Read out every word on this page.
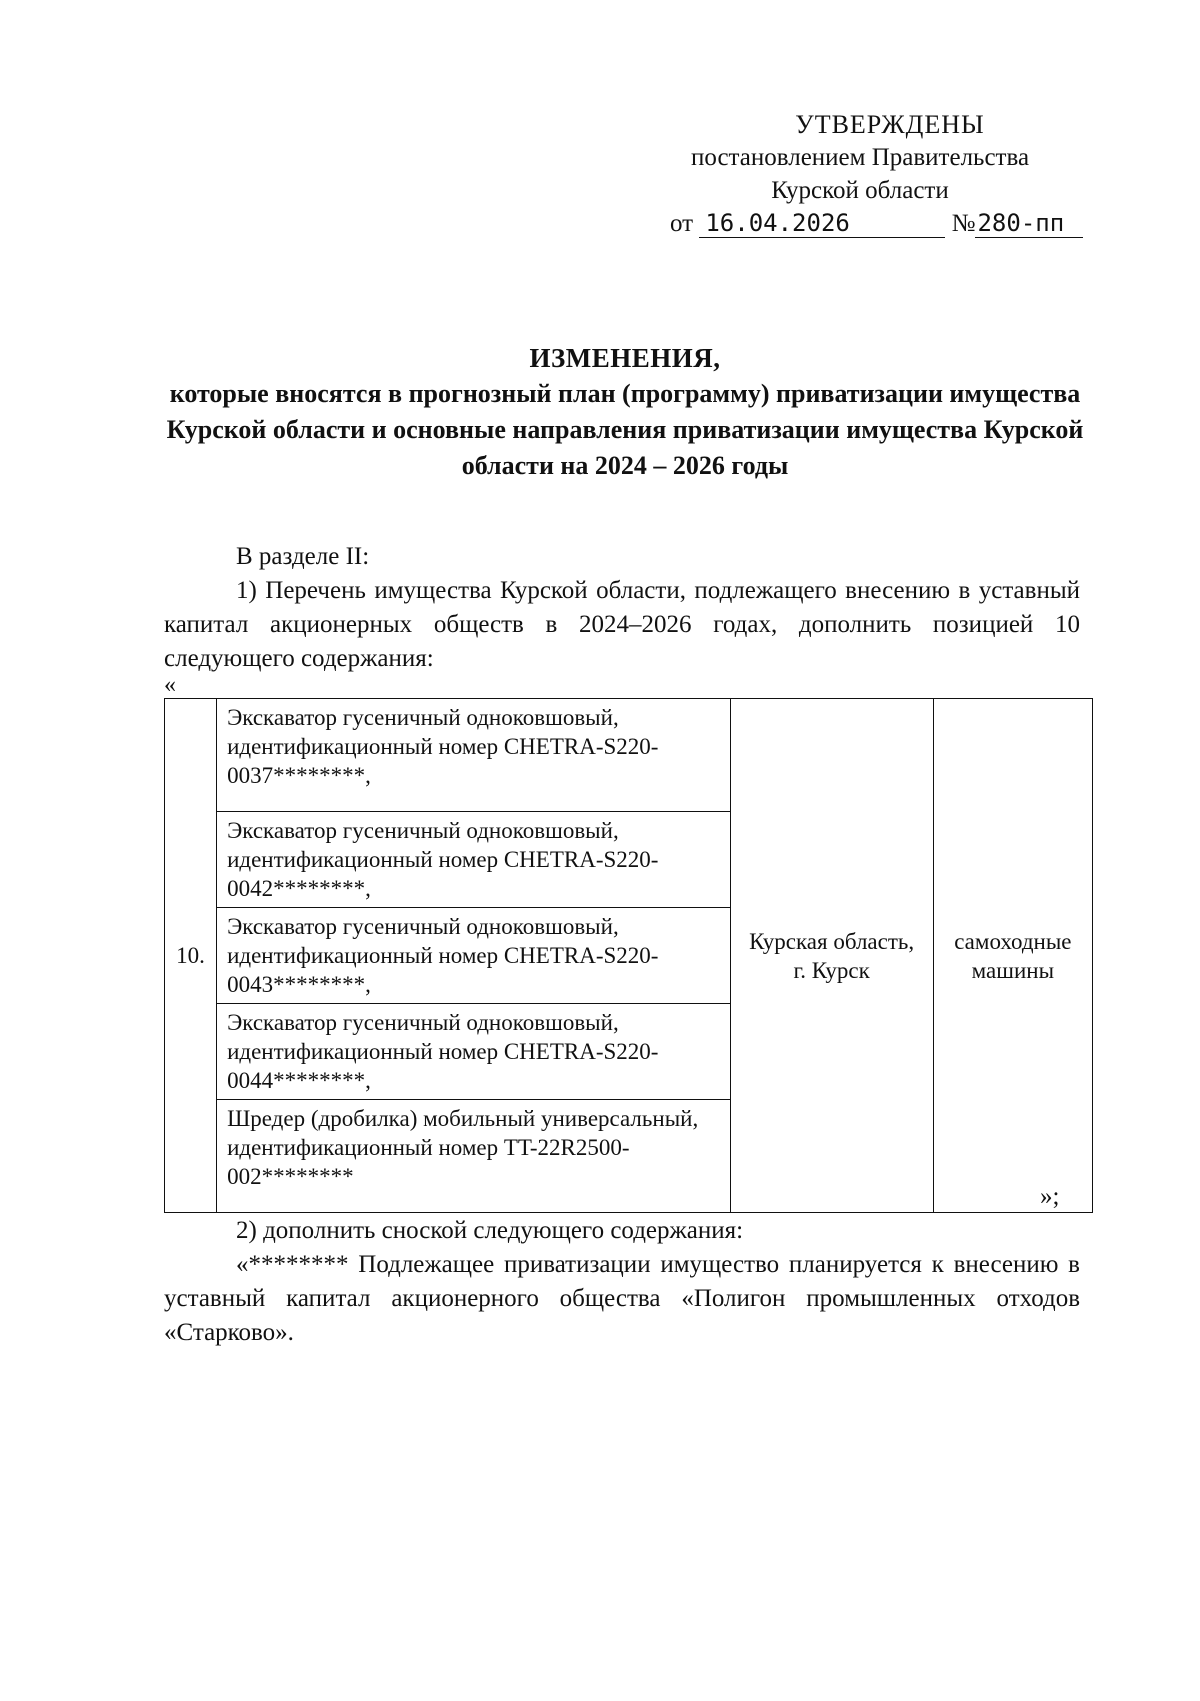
УТВЕРЖДЕНЫ
постановлением Правительства
Курской области
от 16.04.2026	№280-пп
ИЗМЕНЕНИЯ,
которые вносятся в прогнозный план (программу) приватизации имущества Курской области и основные направления приватизации имущества Курской области на 2024 – 2026 годы
В разделе II:
1) Перечень имущества Курской области, подлежащего внесению в уставный капитал акционерных обществ в 2024–2026 годах, дополнить позицией 10 следующего содержания:
«
10.	Экскаватор гусеничный одноковшовый, идентификационный номер CHETRA-S220-0037********,	Курская область, г. Курск	самоходные машины
Экскаватор гусеничный одноковшовый, идентификационный номер CHETRA-S220-0042********,
Экскаватор гусеничный одноковшовый, идентификационный номер CHETRA-S220-0043********,
Экскаватор гусеничный одноковшовый, идентификационный номер CHETRA-S220-0044********,
Шредер (дробилка) мобильный универсальный, идентификационный номер TT-22R2500-002********
»;
2) дополнить сноской следующего содержания:
«******** Подлежащее приватизации имущество планируется к внесению в уставный капитал акционерного общества «Полигон промышленных отходов «Старково».
